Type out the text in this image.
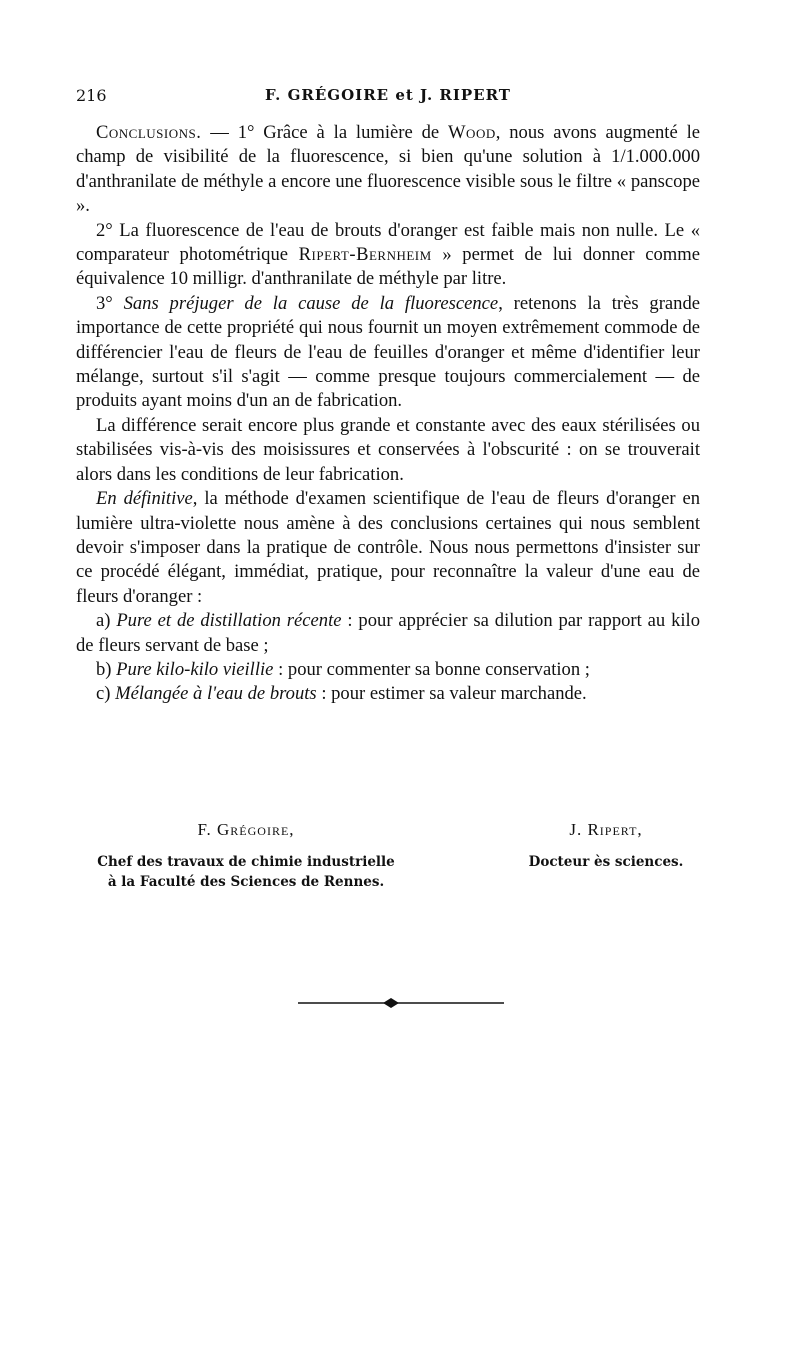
216	F. GRÉGOIRE et J. RIPERT

Conclusions. — 1° Grâce à la lumière de Wood, nous avons augmenté le champ de visibilité de la fluorescence, si bien qu'une solution à 1/1.000.000 d'anthranilate de méthyle a encore une fluorescence visible sous le filtre « panscope ».

2° La fluorescence de l'eau de brouts d'oranger est faible mais non nulle. Le « comparateur photométrique Ripert-Bernheim » permet de lui donner comme équivalence 10 milligr. d'anthranilate de méthyle par litre.

3° Sans préjuger de la cause de la fluorescence, retenons la très grande importance de cette propriété qui nous fournit un moyen extrêmement commode de différencier l'eau de fleurs de l'eau de feuilles d'oranger et même d'identifier leur mélange, surtout s'il s'agit — comme presque toujours commercialement — de produits ayant moins d'un an de fabrication.

La différence serait encore plus grande et constante avec des eaux stérilisées ou stabilisées vis-à-vis des moisissures et conservées à l'obscurité : on se trouverait alors dans les conditions de leur fabrication.

En définitive, la méthode d'examen scientifique de l'eau de fleurs d'oranger en lumière ultra-violette nous amène à des conclusions certaines qui nous semblent devoir s'imposer dans la pratique de contrôle. Nous nous permettons d'insister sur ce procédé élégant, immédiat, pratique, pour reconnaître la valeur d'une eau de fleurs d'oranger :

a) Pure et de distillation récente : pour apprécier sa dilution par rapport au kilo de fleurs servant de base ;

b) Pure kilo-kilo vieillie : pour commenter sa bonne conservation ;

c) Mélangée à l'eau de brouts : pour estimer sa valeur marchande.

F. Grégoire,
Chef des travaux de chimie industrielle
à la Faculté des Sciences de Rennes.
J. Ripert,
Docteur ès sciences.
